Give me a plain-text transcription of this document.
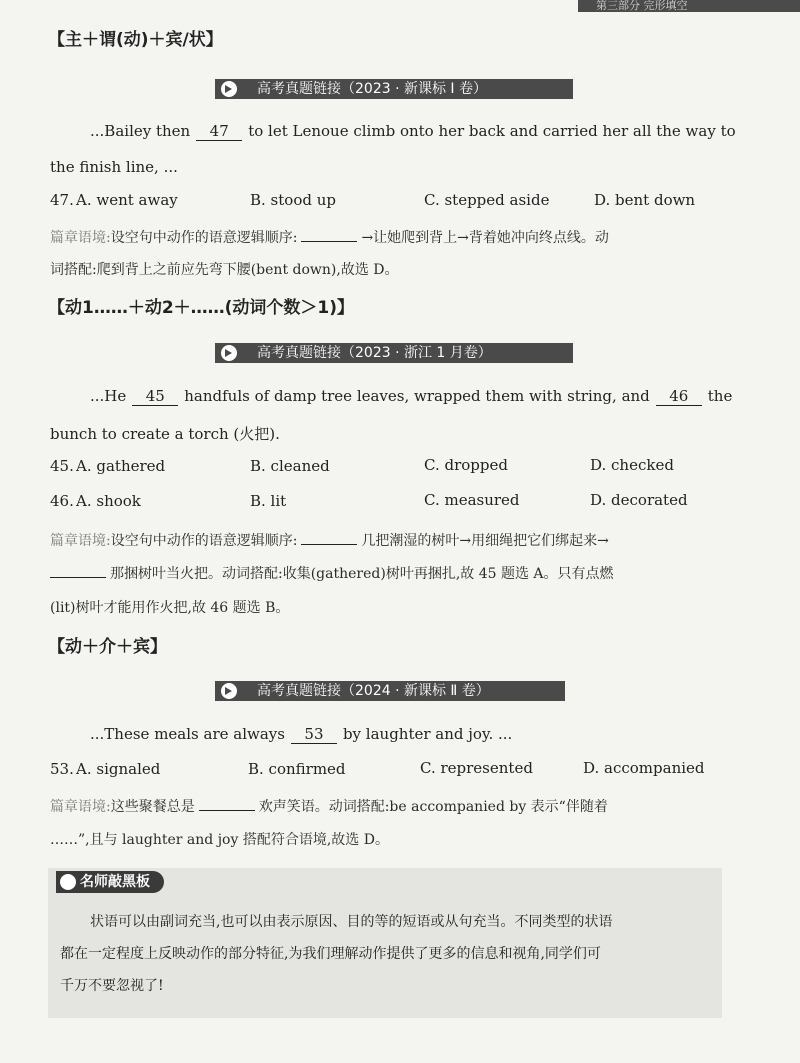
第三部分 完形填空
【主＋谓(动)＋宾/状】
高考真题链接（2023 · 新课标 Ⅰ 卷）
...Bailey then 47 to let Lenoue climb onto her back and carried her all the way to
the finish line, ...
47. A. went away	B. stood up	C. stepped aside	D. bent down
篇章语境:设空句中动作的语意逻辑顺序:	→让她爬到背上→背着她冲向终点线。动
词搭配:爬到背上之前应先弯下腰(bent down),故选 D。
【动1……＋动2＋……(动词个数＞1)】
高考真题链接（2023 · 浙江 1 月卷）
...He 45 handfuls of damp tree leaves, wrapped them with string, and 46 the
bunch to create a torch (火把).
45. A. gathered	B. cleaned	C. dropped	D. checked
46. A. shook	B. lit	C. measured	D. decorated
篇章语境:设空句中动作的语意逻辑顺序:	几把潮湿的树叶→用细绳把它们绑起来→
那捆树叶当火把。动词搭配:收集(gathered)树叶再捆扎,故 45 题选 A。只有点燃
(lit)树叶才能用作火把,故 46 题选 B。
【动＋介＋宾】
高考真题链接（2024 · 新课标 Ⅱ 卷）
...These meals are always 53 by laughter and joy. ...
53. A. signaled	B. confirmed	C. represented	D. accompanied
篇章语境:这些聚餐总是	欢声笑语。动词搭配:be accompanied by 表示“伴随着
……”,且与 laughter and joy 搭配符合语境,故选 D。
名师敲黑板
状语可以由副词充当,也可以由表示原因、目的等的短语或从句充当。不同类型的状语
都在一定程度上反映动作的部分特征,为我们理解动作提供了更多的信息和视角,同学们可
千万不要忽视了!
